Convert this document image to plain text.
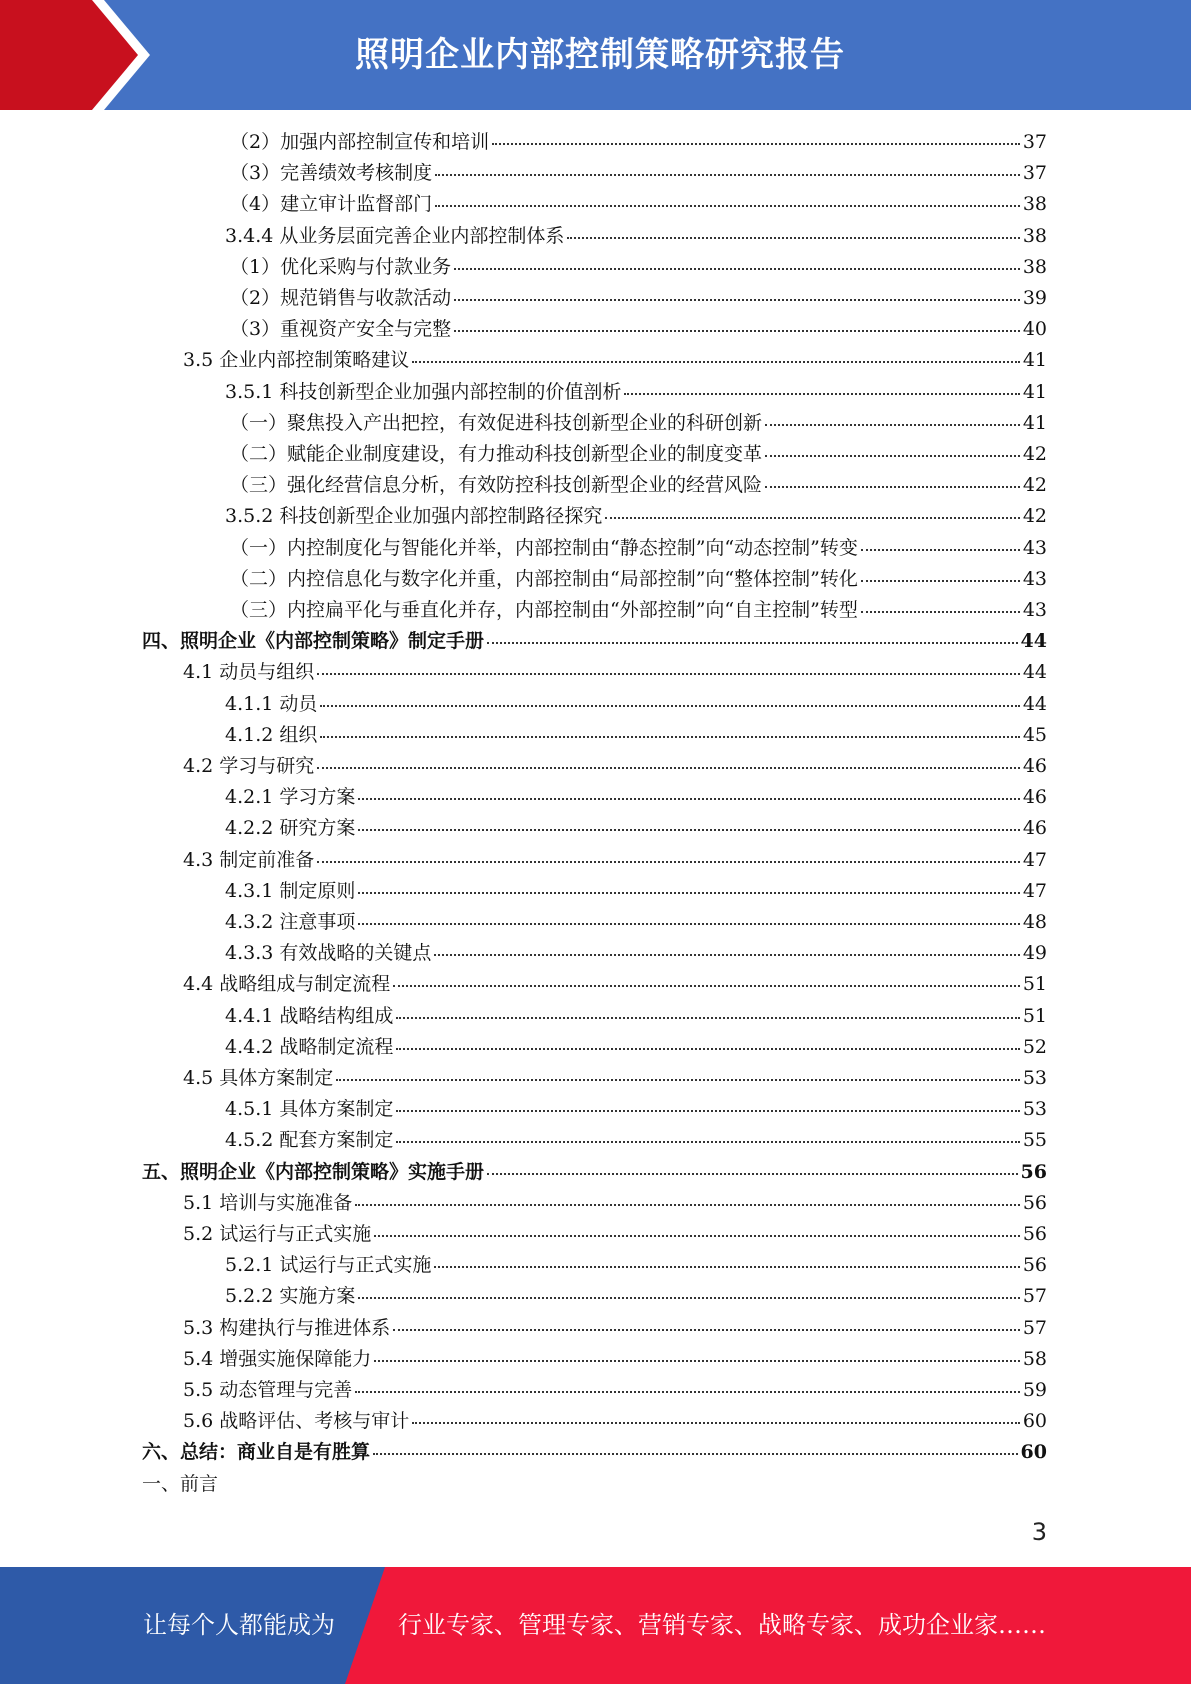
照明企业内部控制策略研究报告
（2）加强内部控制宣传和培训	37
（3）完善绩效考核制度	37
（4）建立审计监督部门	38
3.4.4 从业务层面完善企业内部控制体系	38
（1）优化采购与付款业务	38
（2）规范销售与收款活动	39
（3）重视资产安全与完整	40
3.5 企业内部控制策略建议	41
3.5.1 科技创新型企业加强内部控制的价值剖析	41
（一）聚焦投入产出把控，有效促进科技创新型企业的科研创新	41
（二）赋能企业制度建设，有力推动科技创新型企业的制度变革	42
（三）强化经营信息分析，有效防控科技创新型企业的经营风险	42
3.5.2 科技创新型企业加强内部控制路径探究	42
（一）内控制度化与智能化并举，内部控制由“静态控制”向“动态控制”转变	43
（二）内控信息化与数字化并重，内部控制由“局部控制”向“整体控制”转化	43
（三）内控扁平化与垂直化并存，内部控制由“外部控制”向“自主控制”转型	43
四、照明企业《内部控制策略》制定手册	44
4.1 动员与组织	44
4.1.1 动员	44
4.1.2 组织	45
4.2 学习与研究	46
4.2.1 学习方案	46
4.2.2 研究方案	46
4.3 制定前准备	47
4.3.1 制定原则	47
4.3.2 注意事项	48
4.3.3 有效战略的关键点	49
4.4 战略组成与制定流程	51
4.4.1 战略结构组成	51
4.4.2 战略制定流程	52
4.5 具体方案制定	53
4.5.1 具体方案制定	53
4.5.2 配套方案制定	55
五、照明企业《内部控制策略》实施手册	56
5.1 培训与实施准备	56
5.2 试运行与正式实施	56
5.2.1 试运行与正式实施	56
5.2.2 实施方案	57
5.3 构建执行与推进体系	57
5.4 增强实施保障能力	58
5.5 动态管理与完善	59
5.6 战略评估、考核与审计	60
六、总结：商业自是有胜算	60
一、前言
3
让每个人都能成为	行业专家、管理专家、营销专家、战略专家、成功企业家……
